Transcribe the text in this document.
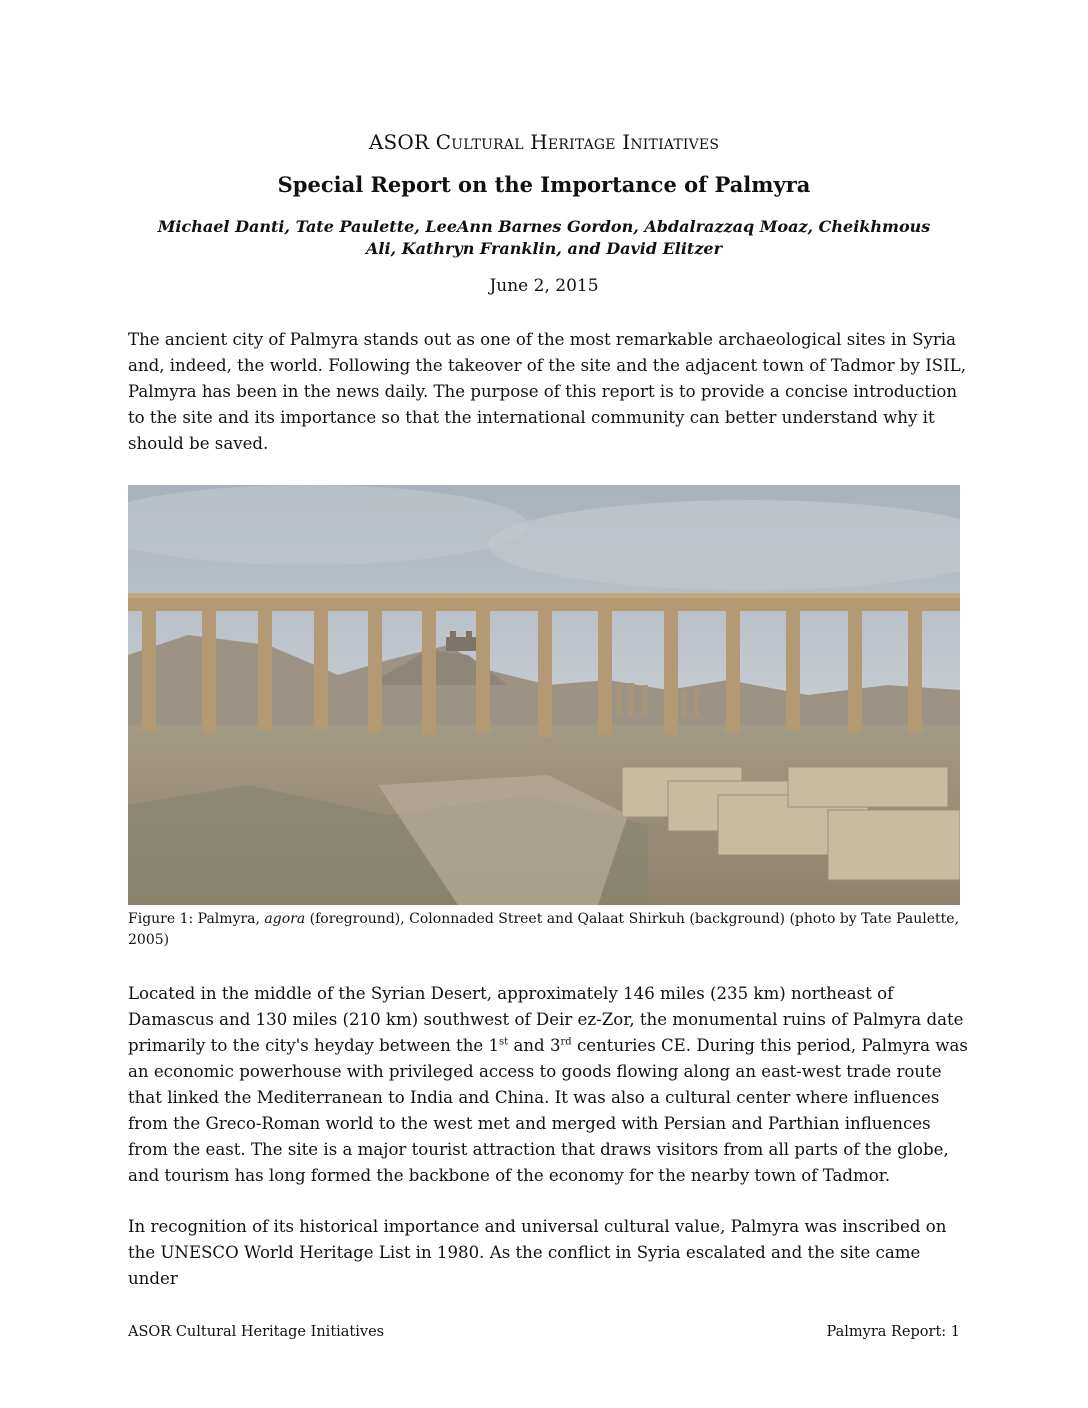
ASOR Cultural Heritage Initiatives
Special Report on the Importance of Palmyra
Michael Danti, Tate Paulette, LeeAnn Barnes Gordon, Abdalrazzaq Moaz, Cheikhmous Ali, Kathryn Franklin, and David Elitzer
June 2, 2015

The ancient city of Palmyra stands out as one of the most remarkable archaeological sites in Syria and, indeed, the world. Following the takeover of the site and the adjacent town of Tadmor by ISIL, Palmyra has been in the news daily. The purpose of this report is to provide a concise introduction to the site and its importance so that the international community can better understand why it should be saved.

Figure 1: Palmyra, agora (foreground), Colonnaded Street and Qalaat Shirkuh (background) (photo by Tate Paulette, 2005)

Located in the middle of the Syrian Desert, approximately 146 miles (235 km) northeast of Damascus and 130 miles (210 km) southwest of Deir ez-Zor, the monumental ruins of Palmyra date primarily to the city's heyday between the 1st and 3rd centuries CE. During this period, Palmyra was an economic powerhouse with privileged access to goods flowing along an east-west trade route that linked the Mediterranean to India and China. It was also a cultural center where influences from the Greco-Roman world to the west met and merged with Persian and Parthian influences from the east. The site is a major tourist attraction that draws visitors from all parts of the globe, and tourism has long formed the backbone of the economy for the nearby town of Tadmor.

In recognition of its historical importance and universal cultural value, Palmyra was inscribed on the UNESCO World Heritage List in 1980. As the conflict in Syria escalated and the site came under

ASOR Cultural Heritage Initiatives	Palmyra Report: 1
